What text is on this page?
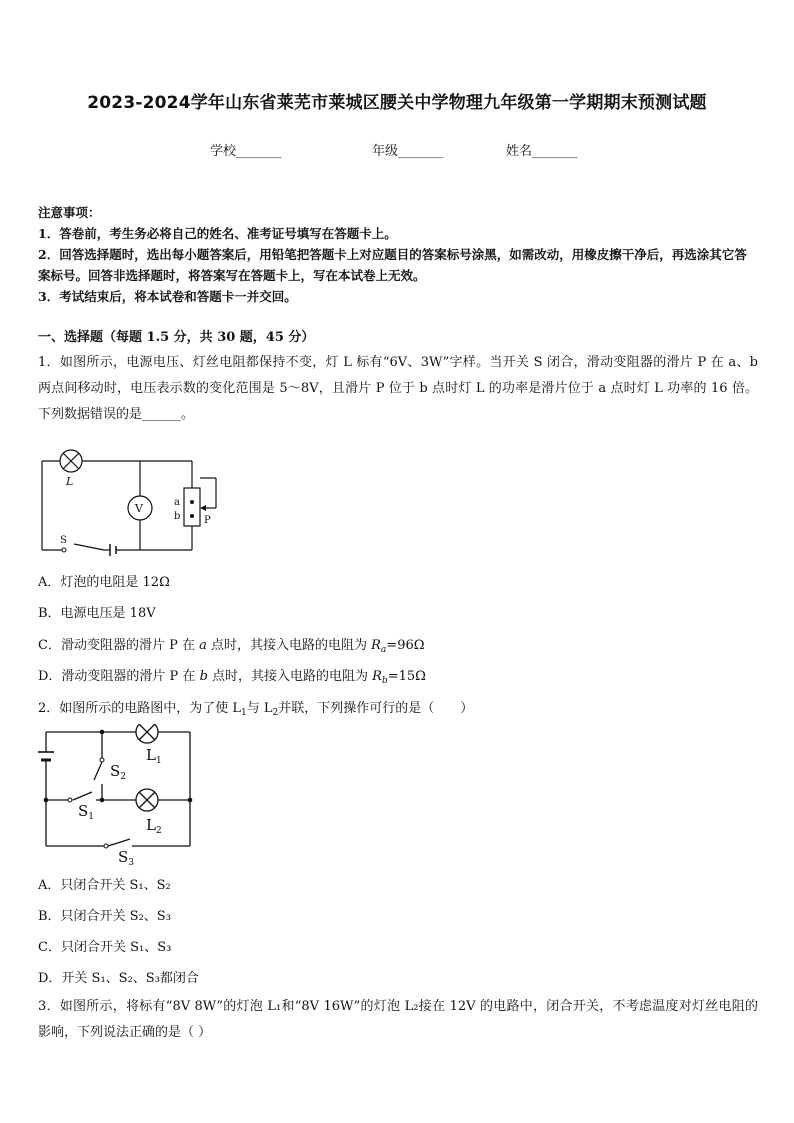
2023-2024学年山东省莱芜市莱城区腰关中学物理九年级第一学期期末预测试题
学校_______	年级_______	姓名_______
注意事项：
1．答卷前，考生务必将自己的姓名、准考证号填写在答题卡上。
2．回答选择题时，选出每小题答案后，用铅笔把答题卡上对应题目的答案标号涂黑，如需改动，用橡皮擦干净后，再选涂其它答案标号。回答非选择题时，将答案写在答题卡上，写在本试卷上无效。
3．考试结束后，将本试卷和答题卡一并交回。
一、选择题（每题 1.5 分，共 30 题，45 分）
1．如图所示，电源电压、灯丝电阻都保持不变，灯 L 标有“6V、3W”字样。当开关 S 闭合，滑动变阻器的滑片 P 在 a、b 两点间移动时，电压表示数的变化范围是 5～8V，且滑片 P 位于 b 点时灯 L 的功率是滑片位于 a 点时灯 L 功率的 16 倍。下列数据错误的是______。
V
L
a
b P
S
A．灯泡的电阻是 12Ω
B．电源电压是 18V
C．滑动变阻器的滑片 P 在 a 点时，其接入电路的电阻为 $R_a=96\Omega$
D．滑动变阻器的滑片 P 在 b 点时，其接入电路的电阻为 $R_b=15\Omega$
2．如图所示的电路图中，为了使 $L_1$与 $L_2$并联，下列操作可行的是（　　）
$L_1$
$L_2$
$S_2$
$S_1$
$S_3$
A．只闭合开关 S₁、S₂
B．只闭合开关 S₂、S₃
C．只闭合开关 S₁、S₃
D．开关 S₁、S₂、S₃都闭合
3．如图所示，将标有“8V 8W”的灯泡 L₁和“8V 16W”的灯泡 L₂接在 12V 的电路中，闭合开关，不考虑温度对灯丝电阻的影响，下列说法正确的是（ ）
